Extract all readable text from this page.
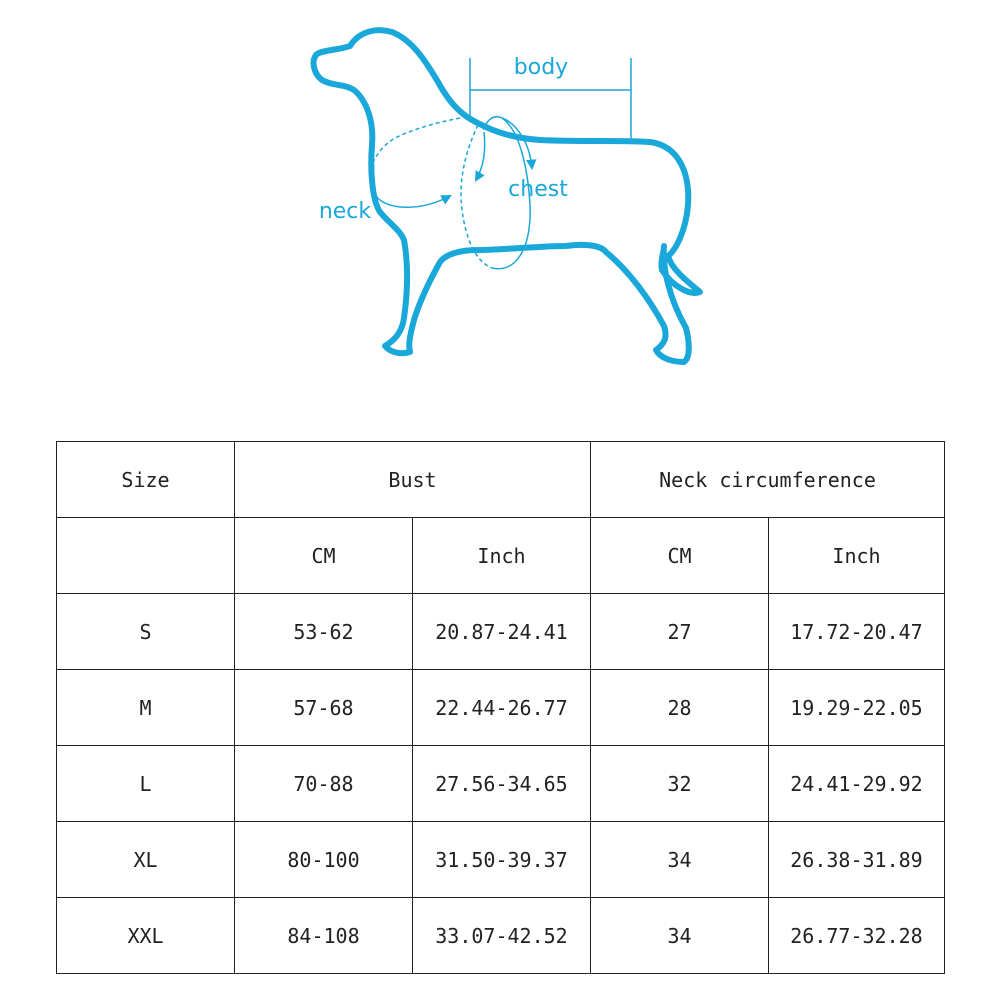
body
neck
chest
Size	Bust		Neck circumference	
	CM	Inch	CM	Inch
S	53-62	20.87-24.41	27	17.72-20.47
M	57-68	22.44-26.77	28	19.29-22.05
L	70-88	27.56-34.65	32	24.41-29.92
XL	80-100	31.50-39.37	34	26.38-31.89
XXL	84-108	33.07-42.52	34	26.77-32.28
